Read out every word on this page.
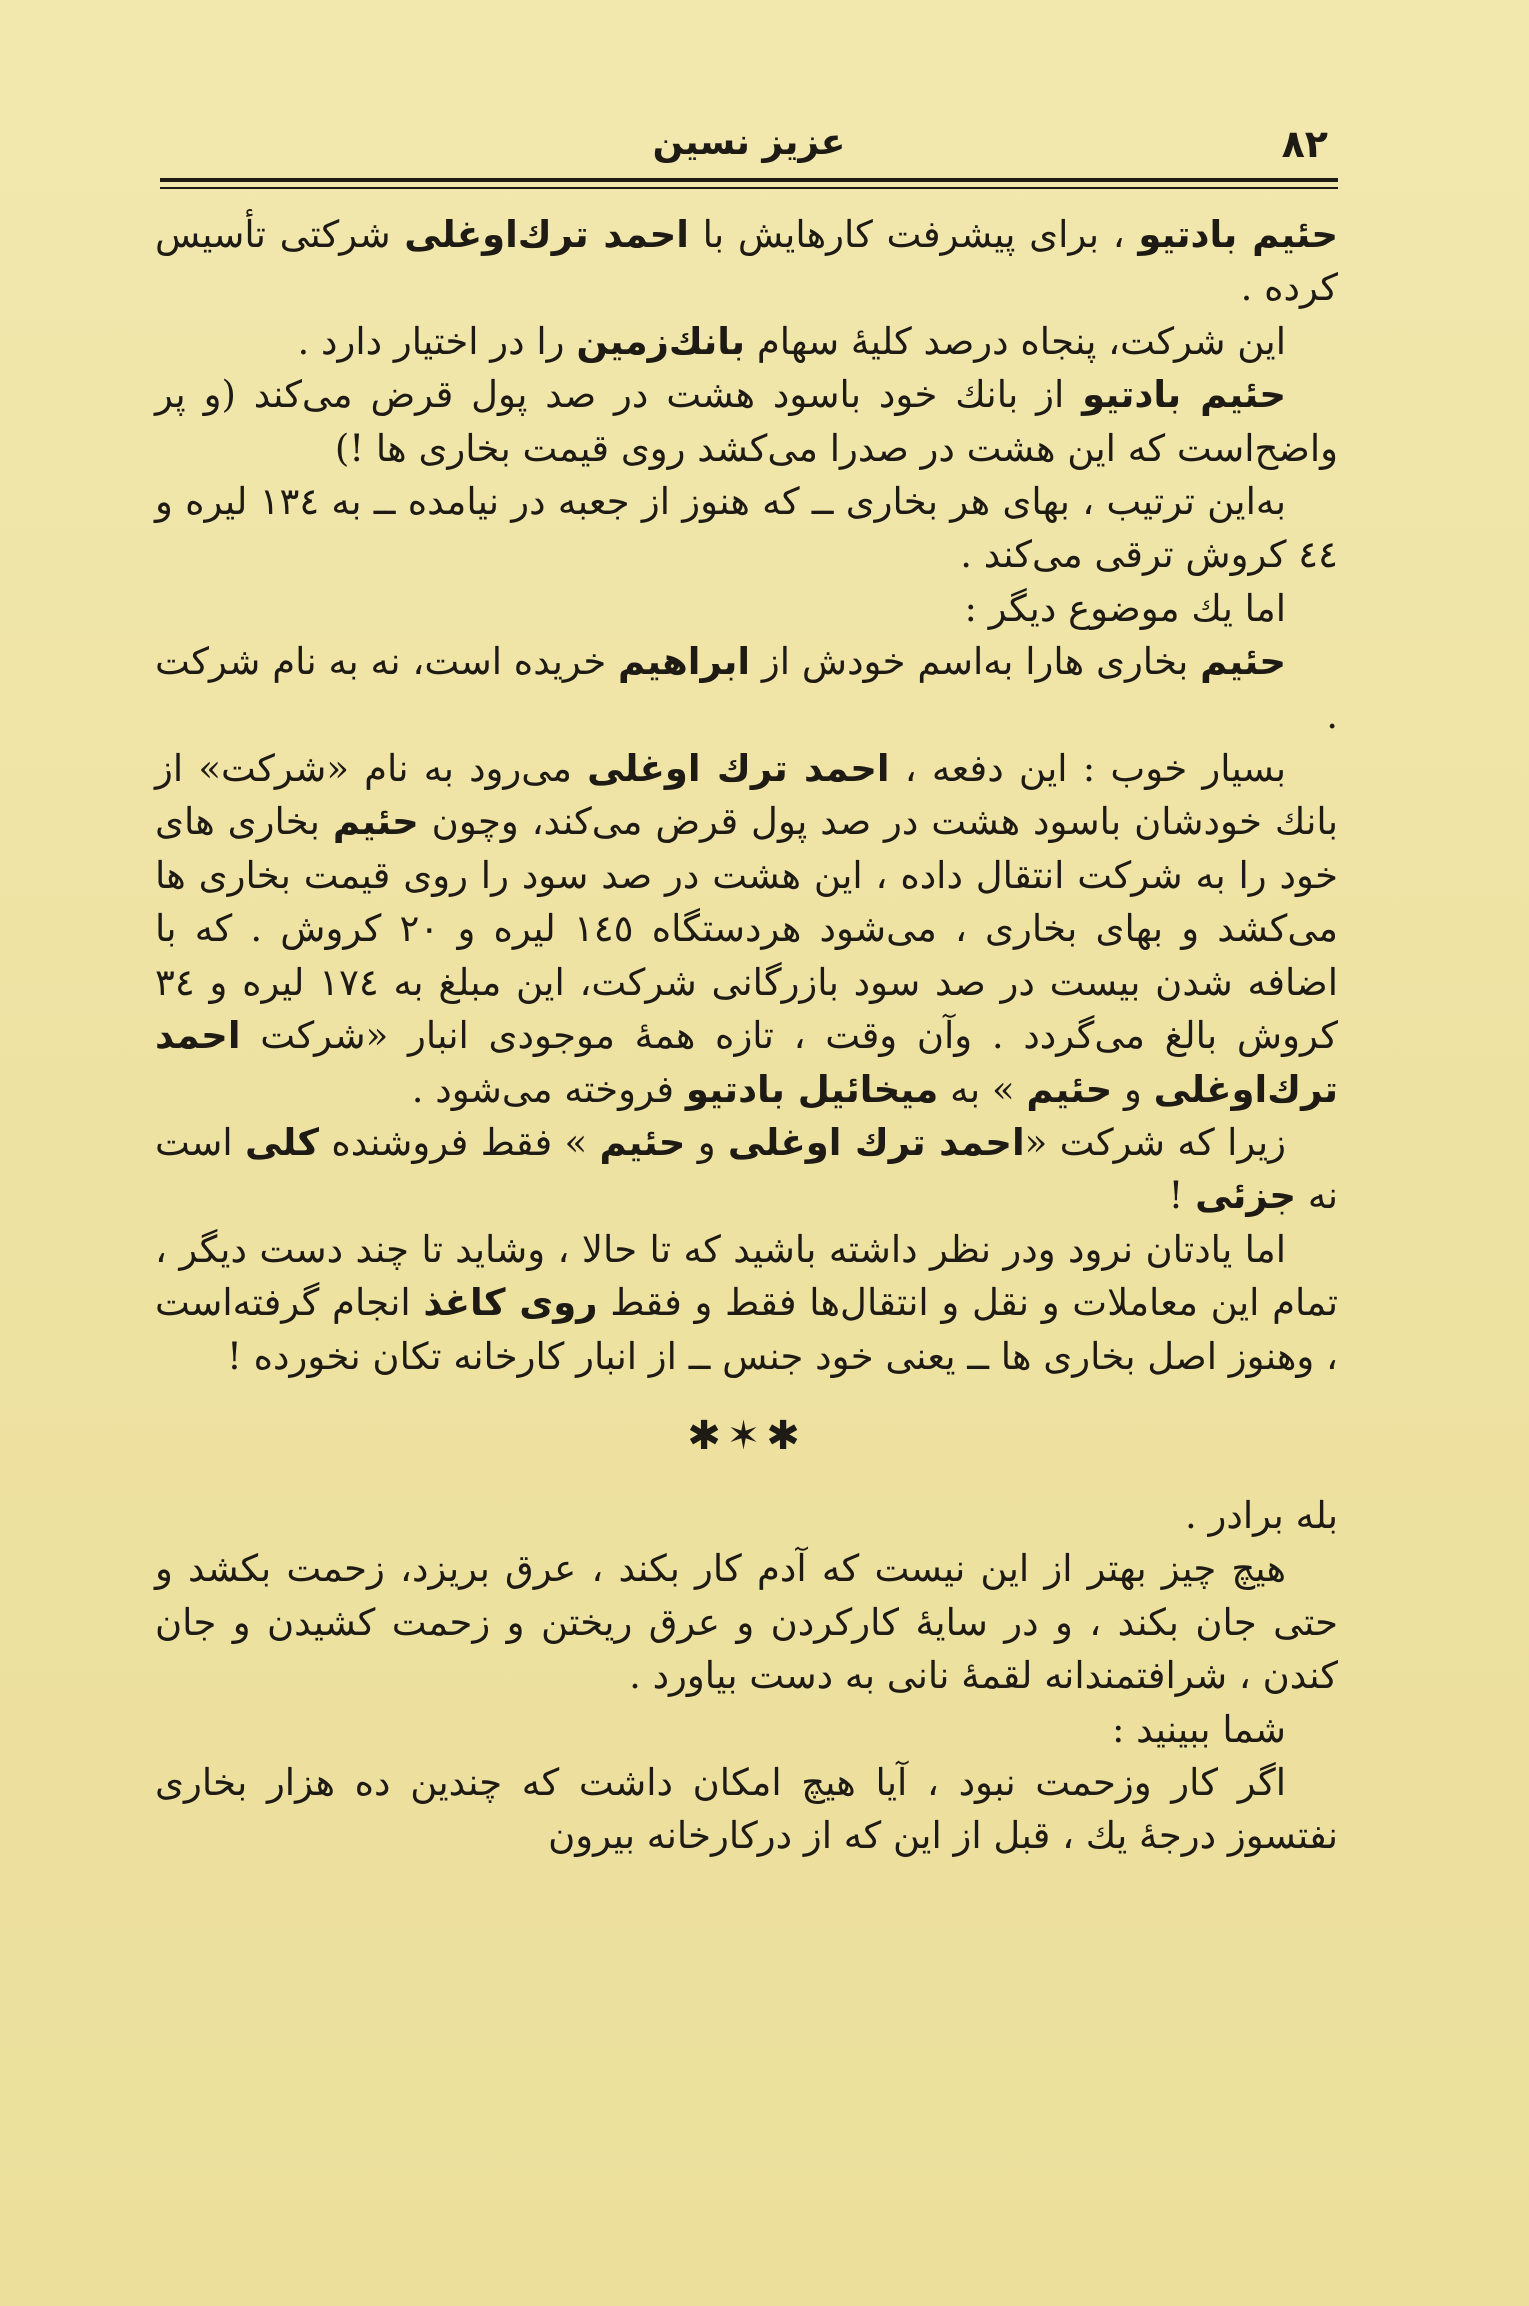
٨٢
عزیز نسین

حئیم بادتیو ، برای پیشرفت کارهایش با احمد ترك‌اوغلی شرکتی تأسیس کرده .

این شرکت، پنجاه درصد کلیهٔ سهام بانك‌زمین را در اختیار دارد .

حئیم بادتیو از بانك خود باسود هشت در صد پول قرض می‌کند (و پر واضح‌است که این هشت در صدرا می‌کشد روی قیمت بخاری ها !)

به‌این ترتیب ، بهای هر بخاری ــ که هنوز از جعبه در نیامده ــ به ١٣٤ لیره و ٤٤ کروش ترقی می‌کند .

اما یك موضوع دیگر :

حئیم بخاری هارا به‌اسم خودش از ابراهیم خریده است، نه به نام شرکت .

بسیار خوب : این دفعه ، احمد ترك اوغلی می‌رود به نام «شرکت» از بانك خودشان باسود هشت در صد پول قرض می‌کند، وچون حئیم بخاری های خود را به شرکت انتقال داده ، این هشت در صد سود را روی قیمت بخاری ها می‌کشد و بهای بخاری ، می‌شود هردستگاه ١٤٥ لیره و ٢٠ کروش . که با اضافه شدن بیست در صد سود بازرگانی شرکت، این مبلغ به ١٧٤ لیره و ٣٤ کروش بالغ می‌گردد . وآن وقت ، تازه همهٔ موجودی انبار «شرکت احمد ترك‌اوغلی و حئیم » به میخائیل بادتیو فروخته می‌شود .

زیرا که شرکت «احمد ترك اوغلی و حئیم » فقط فروشنده کلی است نه جزئی !

اما یادتان نرود ودر نظر داشته باشید که تا حالا ، وشاید تا چند دست دیگر ، تمام این معاملات و نقل و انتقال‌ها فقط و فقط روی کاغذ انجام گرفته‌است ، وهنوز اصل بخاری ها ــ یعنی خود جنس ــ از انبار کارخانه تکان نخورده !

✱✶✱

بله برادر .

هیچ چیز بهتر از این نیست که آدم کار بکند ، عرق بریزد، زحمت بکشد و حتی جان بکند ، و در سایهٔ کارکردن و عرق ریختن و زحمت کشیدن و جان کندن ، شرافتمندانه لقمهٔ نانی به دست بیاورد .

شما ببینید :

اگر کار وزحمت نبود ، آیا هیچ امکان داشت که چندین ده هزار بخاری نفتسوز درجهٔ يك ، قبل از این که از درکارخانه بیرون
